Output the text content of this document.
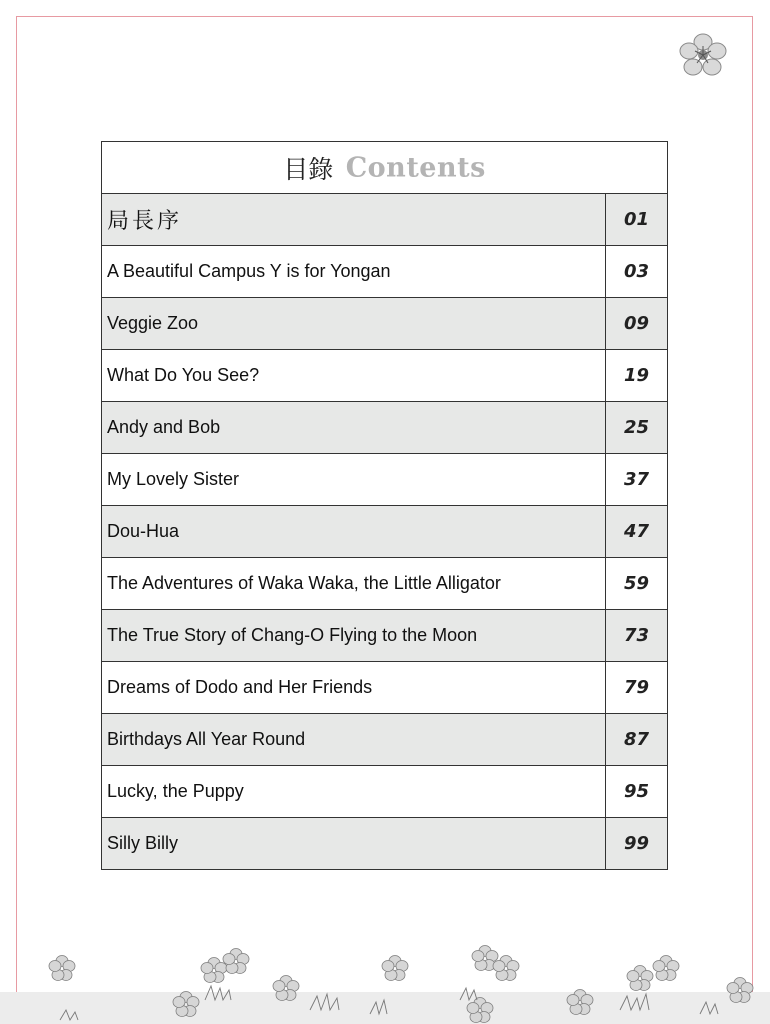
目錄 Contents	
局長序	01
A Beautiful Campus Y is for Yongan	03
Veggie Zoo	09
What Do You See?	19
Andy and Bob	25
My Lovely Sister	37
Dou-Hua	47
The Adventures of Waka Waka, the Little Alligator	59
The True Story of Chang-O Flying to the Moon	73
Dreams of Dodo and Her Friends	79
Birthdays All Year Round	87
Lucky, the Puppy	95
Silly Billy	99
